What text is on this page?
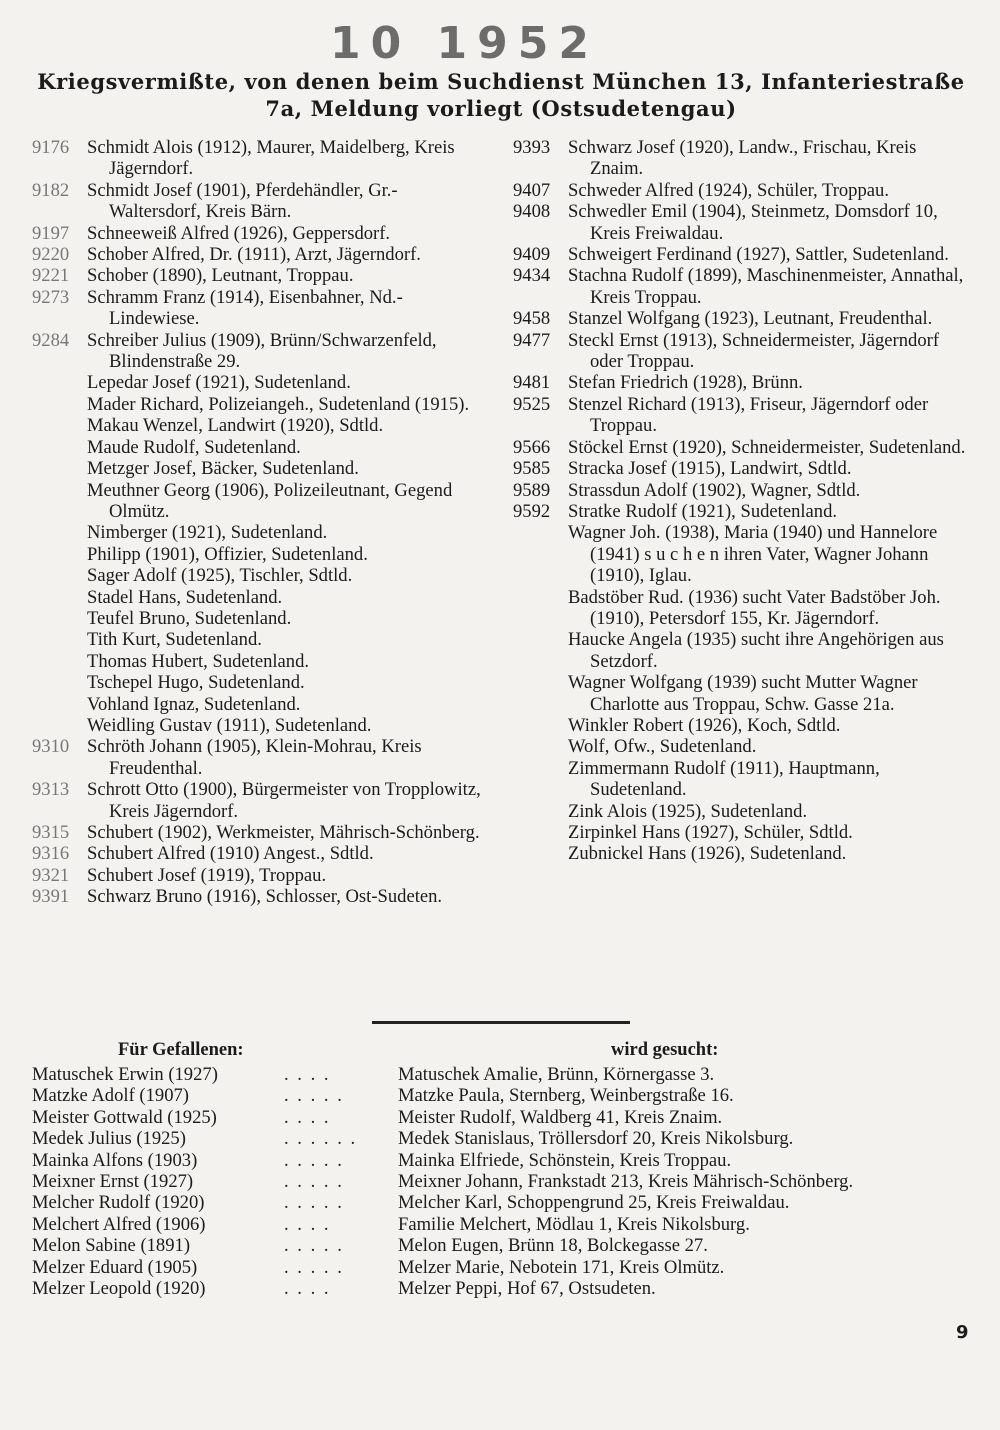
10 1952
Kriegsvermißte, von denen beim Suchdienst München 13, Infanteriestraße 7a, Meldung vorliegt (Ostsudetengau)
9176 Schmidt Alois (1912), Maurer, Maidelberg, Kreis Jägerndorf.
9182 Schmidt Josef (1901), Pferdehändler, Gr.-Waltersdorf, Kreis Bärn.
9197 Schneeweiß Alfred (1926), Geppersdorf.
9220 Schober Alfred, Dr. (1911), Arzt, Jägerndorf.
9221 Schober (1890), Leutnant, Troppau.
9273 Schramm Franz (1914), Eisenbahner, Nd.-Lindewiese.
9284 Schreiber Julius (1909), Brünn/Schwarzenfeld, Blindenstraße 29.
Lepedar Josef (1921), Sudetenland.
Mader Richard, Polizeiangeh., Sudetenland (1915).
Makau Wenzel, Landwirt (1920), Sdtld.
Maude Rudolf, Sudetenland.
Metzger Josef, Bäcker, Sudetenland.
Meuthner Georg (1906), Polizeileutnant, Gegend Olmütz.
Nimberger (1921), Sudetenland.
Philipp (1901), Offizier, Sudetenland.
Sager Adolf (1925), Tischler, Sdtld.
Stadel Hans, Sudetenland.
Teufel Bruno, Sudetenland.
Tith Kurt, Sudetenland.
Thomas Hubert, Sudetenland.
Tschepel Hugo, Sudetenland.
Vohland Ignaz, Sudetenland.
Weidling Gustav (1911), Sudetenland.
9310 Schröth Johann (1905), Klein-Mohrau, Kreis Freudenthal.
9313 Schrott Otto (1900), Bürgermeister von Tropplowitz, Kreis Jägerndorf.
9315 Schubert (1902), Werkmeister, Mährisch-Schönberg.
9316 Schubert Alfred (1910) Angest., Sdtld.
9321 Schubert Josef (1919), Troppau.
9391 Schwarz Bruno (1916), Schlosser, Ost-Sudeten.
9393 Schwarz Josef (1920), Landw., Frischau, Kreis Znaim.
9407 Schweder Alfred (1924), Schüler, Troppau.
9408 Schwedler Emil (1904), Steinmetz, Domsdorf 10, Kreis Freiwaldau.
9409 Schweigert Ferdinand (1927), Sattler, Sudetenland.
9434 Stachna Rudolf (1899), Maschinenmeister, Annathal, Kreis Troppau.
9458 Stanzel Wolfgang (1923), Leutnant, Freudenthal.
9477 Steckl Ernst (1913), Schneidermeister, Jägerndorf oder Troppau.
9481 Stefan Friedrich (1928), Brünn.
9525 Stenzel Richard (1913), Friseur, Jägerndorf oder Troppau.
9566 Stöckel Ernst (1920), Schneidermeister, Sudetenland.
9585 Stracka Josef (1915), Landwirt, Sdtld.
9589 Strassdun Adolf (1902), Wagner, Sdtld.
9592 Stratke Rudolf (1921), Sudetenland.
Wagner Joh. (1938), Maria (1940) und Hannelore (1941) s u c h e n ihren Vater, Wagner Johann (1910), Iglau.
Badstöber Rud. (1936) sucht Vater Badstöber Joh. (1910), Petersdorf 155, Kr. Jägerndorf.
Haucke Angela (1935) sucht ihre Angehörigen aus Setzdorf.
Wagner Wolfgang (1939) sucht Mutter Wagner Charlotte aus Troppau, Schw. Gasse 21a.
Winkler Robert (1926), Koch, Sdtld.
Wolf, Ofw., Sudetenland.
Zimmermann Rudolf (1911), Hauptmann, Sudetenland.
Zink Alois (1925), Sudetenland.
Zirpinkel Hans (1927), Schüler, Sdtld.
Zubnickel Hans (1926), Sudetenland.
Für Gefallenen:	wird gesucht:
Matuschek Erwin (1927)	. . . .	Matuschek Amalie, Brünn, Körnergasse 3.
Matzke Adolf (1907)	. . . . .	Matzke Paula, Sternberg, Weinbergstraße 16.
Meister Gottwald (1925)	. . . .	Meister Rudolf, Waldberg 41, Kreis Znaim.
Medek Julius (1925)	. . . . . .	Medek Stanislaus, Tröllersdorf 20, Kreis Nikolsburg.
Mainka Alfons (1903)	. . . . .	Mainka Elfriede, Schönstein, Kreis Troppau.
Meixner Ernst (1927)	. . . . .	Meixner Johann, Frankstadt 213, Kreis Mährisch-Schönberg.
Melcher Rudolf (1920)	. . . . .	Melcher Karl, Schoppengrund 25, Kreis Freiwaldau.
Melchert Alfred (1906)	. . . .	Familie Melchert, Mödlau 1, Kreis Nikolsburg.
Melon Sabine (1891)	. . . . .	Melon Eugen, Brünn 18, Bolckegasse 27.
Melzer Eduard (1905)	. . . . .	Melzer Marie, Nebotein 171, Kreis Olmütz.
Melzer Leopold (1920)	. . . .	Melzer Peppi, Hof 67, Ostsudeten.
9
